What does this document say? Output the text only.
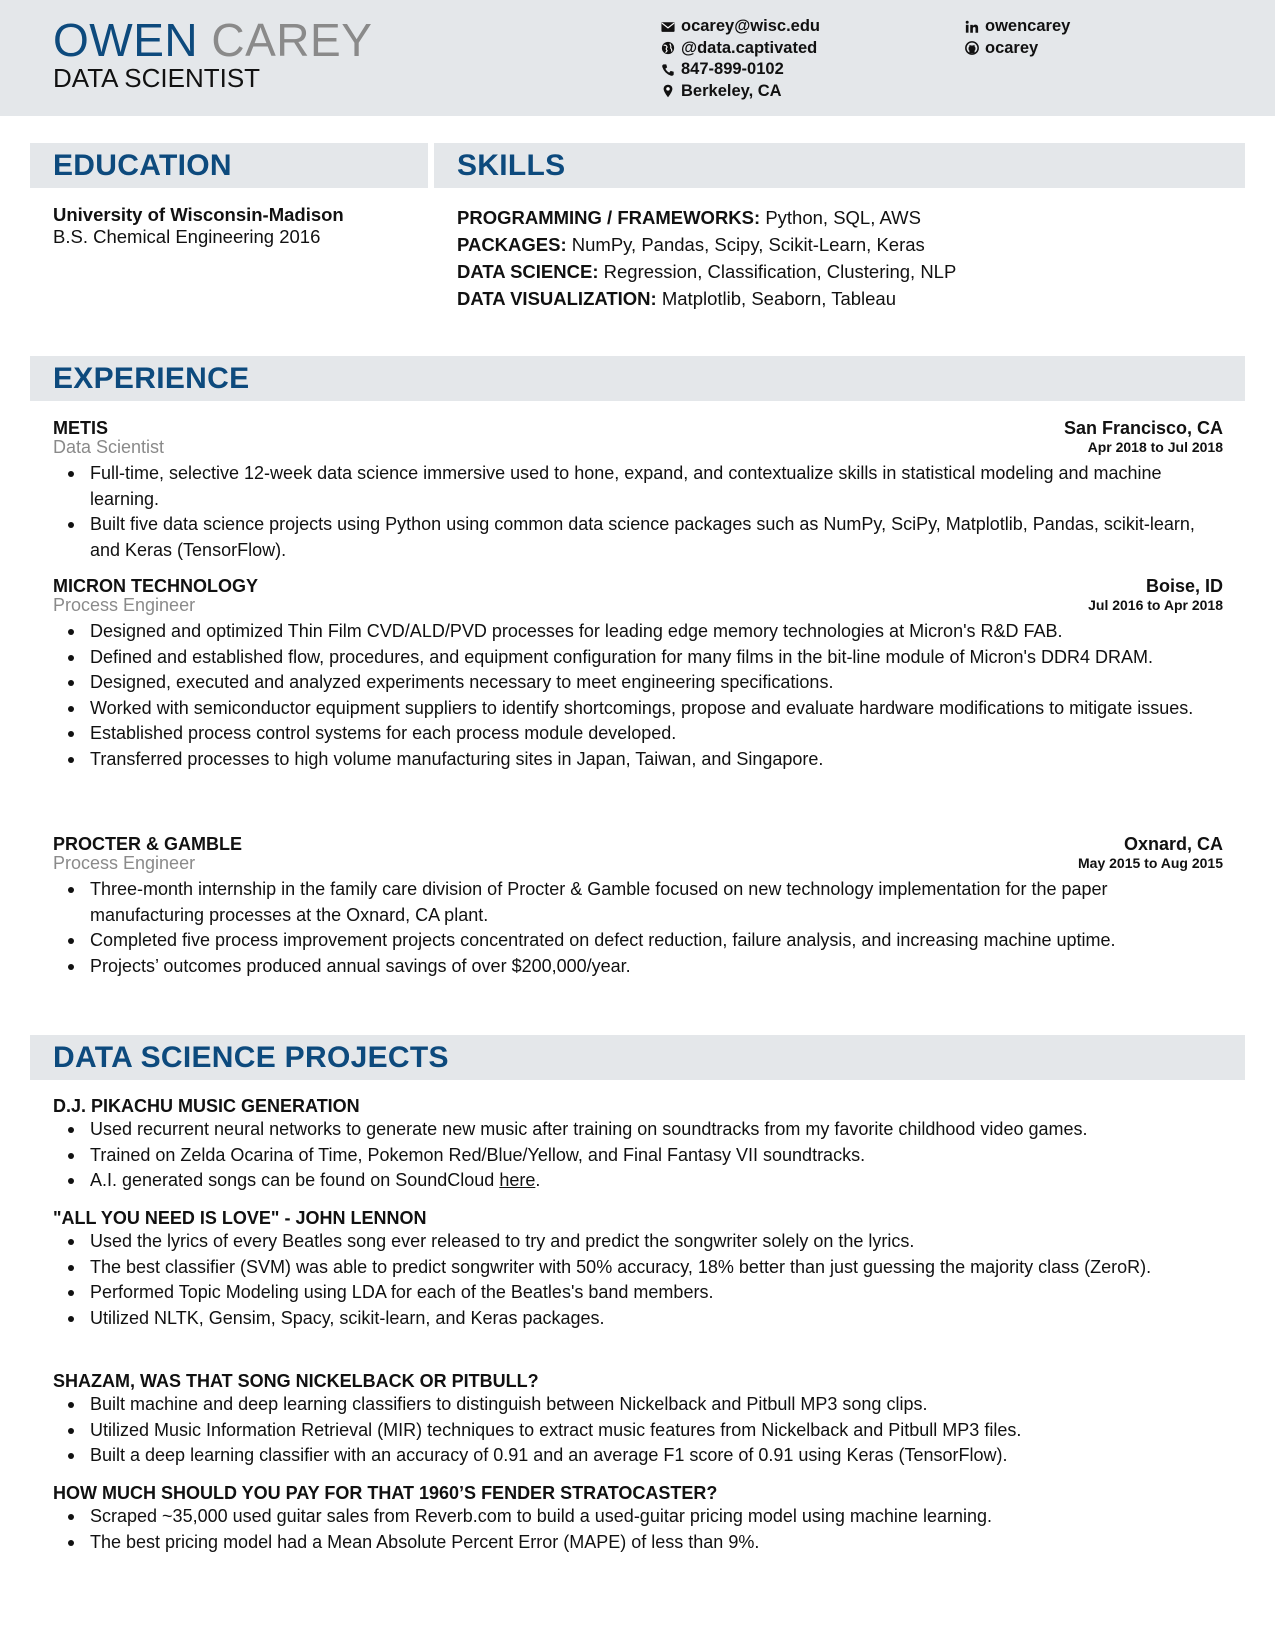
OWEN CAREY
DATA SCIENTIST
ocarey@wisc.edu
@data.captivated
847-899-0102
Berkeley, CA
owencarey
ocarey
EDUCATION	SKILLS
University of Wisconsin-Madison
B.S. Chemical Engineering 2016
PROGRAMMING / FRAMEWORKS: Python, SQL, AWS
PACKAGES: NumPy, Pandas, Scipy, Scikit-Learn, Keras
DATA SCIENCE: Regression, Classification, Clustering, NLP
DATA VISUALIZATION: Matplotlib, Seaborn, Tableau
EXPERIENCE
METIS
Data Scientist
San Francisco, CA
Apr 2018 to Jul 2018
Full-time, selective 12-week data science immersive used to hone, expand, and contextualize skills in statistical modeling and machine learning.
Built five data science projects using Python using common data science packages such as NumPy, SciPy, Matplotlib, Pandas, scikit-learn, and Keras (TensorFlow).
MICRON TECHNOLOGY
Process Engineer
Boise, ID
Jul 2016 to Apr 2018
Designed and optimized Thin Film CVD/ALD/PVD processes for leading edge memory technologies at Micron's R&D FAB.
Defined and established flow, procedures, and equipment configuration for many films in the bit-line module of Micron's DDR4 DRAM.
Designed, executed and analyzed experiments necessary to meet engineering specifications.
Worked with semiconductor equipment suppliers to identify shortcomings, propose and evaluate hardware modifications to mitigate issues.
Established process control systems for each process module developed.
Transferred processes to high volume manufacturing sites in Japan, Taiwan, and Singapore.
PROCTER & GAMBLE
Process Engineer
Oxnard, CA
May 2015 to Aug 2015
Three-month internship in the family care division of Procter & Gamble focused on new technology implementation for the paper manufacturing processes at the Oxnard, CA plant.
Completed five process improvement projects concentrated on defect reduction, failure analysis, and increasing machine uptime.
Projects’ outcomes produced annual savings of over $200,000/year.
DATA SCIENCE PROJECTS
D.J. PIKACHU MUSIC GENERATION
Used recurrent neural networks to generate new music after training on soundtracks from my favorite childhood video games.
Trained on Zelda Ocarina of Time, Pokemon Red/Blue/Yellow, and Final Fantasy VII soundtracks.
A.I. generated songs can be found on SoundCloud here.
"ALL YOU NEED IS LOVE" - JOHN LENNON
Used the lyrics of every Beatles song ever released to try and predict the songwriter solely on the lyrics.
The best classifier (SVM) was able to predict songwriter with 50% accuracy, 18% better than just guessing the majority class (ZeroR).
Performed Topic Modeling using LDA for each of the Beatles's band members.
Utilized NLTK, Gensim, Spacy, scikit-learn, and Keras packages.
SHAZAM, WAS THAT SONG NICKELBACK OR PITBULL?
Built machine and deep learning classifiers to distinguish between Nickelback and Pitbull MP3 song clips.
Utilized Music Information Retrieval (MIR) techniques to extract music features from Nickelback and Pitbull MP3 files.
Built a deep learning classifier with an accuracy of 0.91 and an average F1 score of 0.91 using Keras (TensorFlow).
HOW MUCH SHOULD YOU PAY FOR THAT 1960’S FENDER STRATOCASTER?
Scraped ~35,000 used guitar sales from Reverb.com to build a used-guitar pricing model using machine learning.
The best pricing model had a Mean Absolute Percent Error (MAPE) of less than 9%.
